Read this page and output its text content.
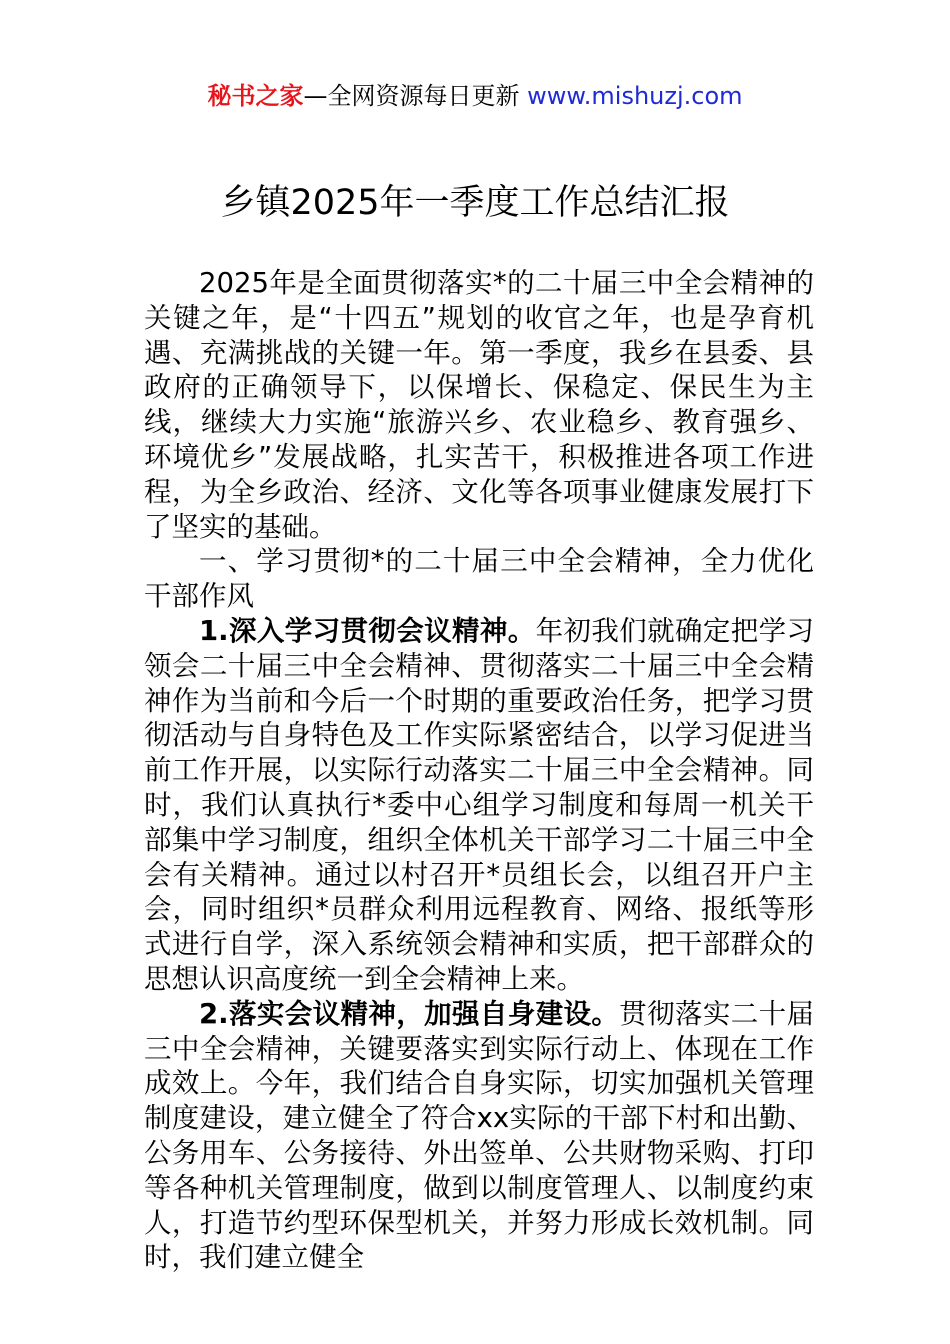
秘书之家—全网资源每日更新 www.mishuzj.com
乡镇2025年一季度工作总结汇报

2025年是全面贯彻落实*的二十届三中全会精神的关键之年，是“十四五”规划的收官之年，也是孕育机遇、充满挑战的关键一年。第一季度，我乡在县委、县政府的正确领导下，以保增长、保稳定、保民生为主线，继续大力实施“旅游兴乡、农业稳乡、教育强乡、环境优乡”发展战略，扎实苦干，积极推进各项工作进程，为全乡政治、经济、文化等各项事业健康发展打下了坚实的基础。

一、学习贯彻*的二十届三中全会精神，全力优化干部作风

1.深入学习贯彻会议精神。年初我们就确定把学习领会二十届三中全会精神、贯彻落实二十届三中全会精神作为当前和今后一个时期的重要政治任务，把学习贯彻活动与自身特色及工作实际紧密结合，以学习促进当前工作开展，以实际行动落实二十届三中全会精神。同时，我们认真执行*委中心组学习制度和每周一机关干部集中学习制度，组织全体机关干部学习二十届三中全会有关精神。通过以村召开*员组长会，以组召开户主会，同时组织*员群众利用远程教育、网络、报纸等形式进行自学，深入系统领会精神和实质，把干部群众的思想认识高度统一到全会精神上来。

2.落实会议精神，加强自身建设。贯彻落实二十届三中全会精神，关键要落实到实际行动上、体现在工作成效上。今年，我们结合自身实际，切实加强机关管理制度建设，建立健全了符合xx实际的干部下村和出勤、公务用车、公务接待、外出签单、公共财物采购、打印等各种机关管理制度，做到以制度管理人、以制度约束人，打造节约型环保型机关，并努力形成长效机制。同时，我们建立健全
